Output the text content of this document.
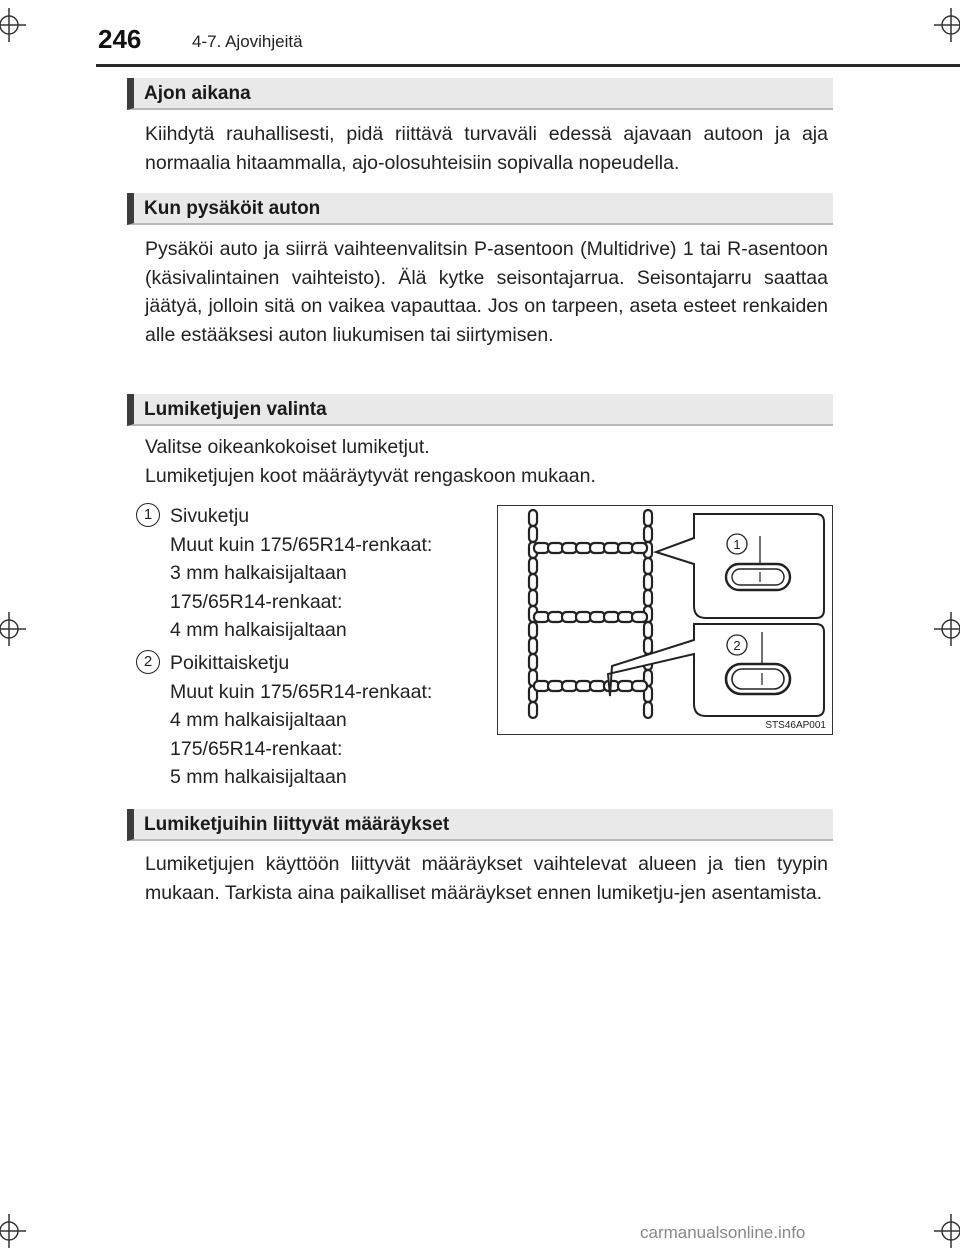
246	4-7. Ajovihjeitä
Ajon aikana
Kiihdytä rauhallisesti, pidä riittävä turvaväli edessä ajavaan autoon ja aja normaalia hitaammalla, ajo-olosuhteisiin sopivalla nopeudella.
Kun pysäköit auton
Pysäköi auto ja siirrä vaihteenvalitsin P-asentoon (Multidrive) 1 tai R-asentoon (käsivalintainen vaihteisto). Älä kytke seisontajarrua. Seisontajarru saattaa jäätyä, jolloin sitä on vaikea vapauttaa. Jos on tarpeen, aseta esteet renkaiden alle estääksesi auton liukumisen tai siirtymisen.
Lumiketjujen valinta
Valitse oikeankokoiset lumiketjut.
Lumiketjujen koot määräytyvät rengaskoon mukaan.
1 Sivuketju
Muut kuin 175/65R14-renkaat:
3 mm halkaisijaltaan
175/65R14-renkaat:
4 mm halkaisijaltaan
2 Poikittaisketju
Muut kuin 175/65R14-renkaat:
4 mm halkaisijaltaan
175/65R14-renkaat:
5 mm halkaisijaltaan
1
2
STS46AP001
Lumiketjuihin liittyvät määräykset
Lumiketjujen käyttöön liittyvät määräykset vaihtelevat alueen ja tien tyypin mukaan. Tarkista aina paikalliset määräykset ennen lumiketju-jen asentamista.
carmanualsonline.info
